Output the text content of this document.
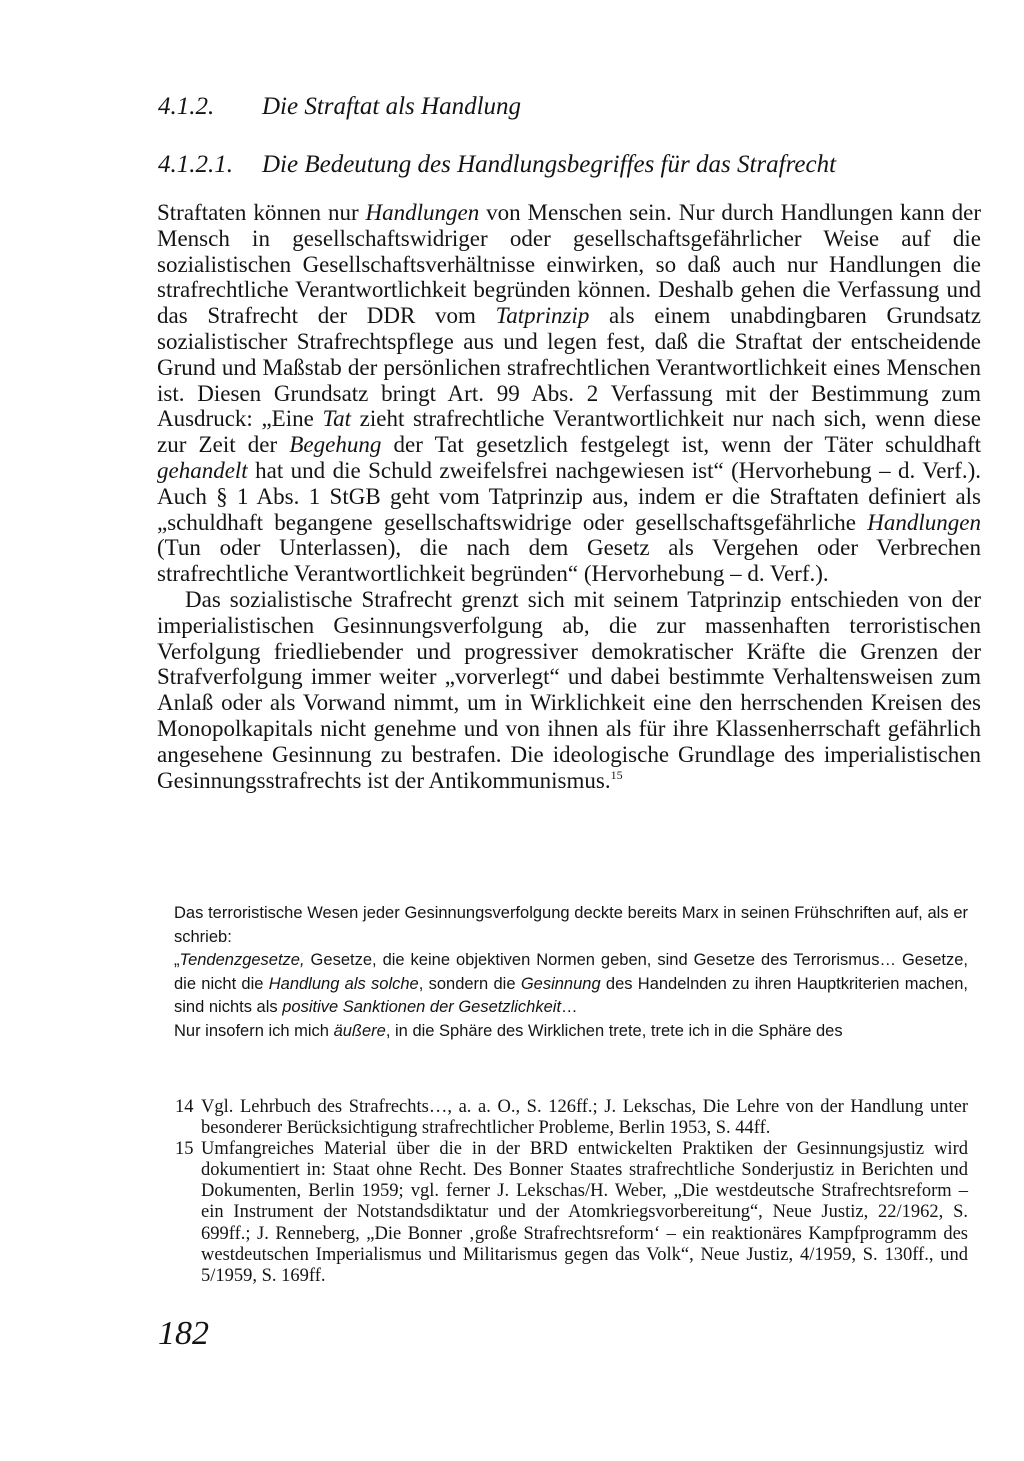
4.1.2. Die Straftat als Handlung
4.1.2.1. Die Bedeutung des Handlungsbegriffes für das Strafrecht

Straftaten können nur Handlungen von Menschen sein. Nur durch Handlungen kann der Mensch in gesellschaftswidriger oder gesellschaftsgefährlicher Weise auf die sozialistischen Gesellschaftsverhältnisse einwirken, so daß auch nur Handlungen die strafrechtliche Verantwortlichkeit begründen können. Deshalb gehen die Verfassung und das Strafrecht der DDR vom Tatprinzip als einem unabdingbaren Grundsatz sozialistischer Strafrechtspflege aus und legen fest, daß die Straftat der entscheidende Grund und Maßstab der persönlichen strafrechtlichen Verantwortlichkeit eines Menschen ist. Diesen Grundsatz bringt Art. 99 Abs. 2 Verfassung mit der Bestimmung zum Ausdruck: „Eine Tat zieht strafrechtliche Verantwortlichkeit nur nach sich, wenn diese zur Zeit der Begehung der Tat gesetzlich festgelegt ist, wenn der Täter schuldhaft gehandelt hat und die Schuld zweifelsfrei nachgewiesen ist“ (Hervorhebung – d. Verf.). Auch § 1 Abs. 1 StGB geht vom Tatprinzip aus, indem er die Straftaten definiert als „schuldhaft begangene gesellschaftswidrige oder gesellschaftsgefährliche Handlungen (Tun oder Unterlassen), die nach dem Gesetz als Vergehen oder Verbrechen strafrechtliche Verantwortlichkeit begründen“ (Hervorhebung – d. Verf.).

Das sozialistische Strafrecht grenzt sich mit seinem Tatprinzip entschieden von der imperialistischen Gesinnungsverfolgung ab, die zur massenhaften terroristischen Verfolgung friedliebender und progressiver demokratischer Kräfte die Grenzen der Strafverfolgung immer weiter „vorverlegt“ und dabei bestimmte Verhaltensweisen zum Anlaß oder als Vorwand nimmt, um in Wirklichkeit eine den herrschenden Kreisen des Monopolkapitals nicht genehme und von ihnen als für ihre Klassenherrschaft gefährlich angesehene Gesinnung zu bestrafen. Die ideologische Grundlage des imperialistischen Gesinnungsstrafrechts ist der Antikommunismus.$^{15}$

Das terroristische Wesen jeder Gesinnungsverfolgung deckte bereits Marx in seinen Frühschriften auf, als er schrieb:

„Tendenzgesetze, Gesetze, die keine objektiven Normen geben, sind Gesetze des Terrorismus… Gesetze, die nicht die Handlung als solche, sondern die Gesinnung des Handelnden zu ihren Hauptkriterien machen, sind nichts als positive Sanktionen der Gesetzlichkeit…

Nur insofern ich mich äußere, in die Sphäre des Wirklichen trete, trete ich in die Sphäre des

14 Vgl. Lehrbuch des Strafrechts…, a. a. O., S. 126ff.; J. Lekschas, Die Lehre von der Handlung unter besonderer Berücksichtigung strafrechtlicher Probleme, Berlin 1953, S. 44ff.
15 Umfangreiches Material über die in der BRD entwickelten Praktiken der Gesinnungsjustiz wird dokumentiert in: Staat ohne Recht. Des Bonner Staates strafrechtliche Sonderjustiz in Berichten und Dokumenten, Berlin 1959; vgl. ferner J. Lekschas/H. Weber, „Die westdeutsche Strafrechtsreform – ein Instrument der Notstandsdiktatur und der Atomkriegsvorbereitung“, Neue Justiz, 22/1962, S. 699ff.; J. Renneberg, „Die Bonner ‚große Strafrechtsreform‘ – ein reaktionäres Kampfprogramm des westdeutschen Imperialismus und Militarismus gegen das Volk“, Neue Justiz, 4/1959, S. 130ff., und 5/1959, S. 169ff.
182
